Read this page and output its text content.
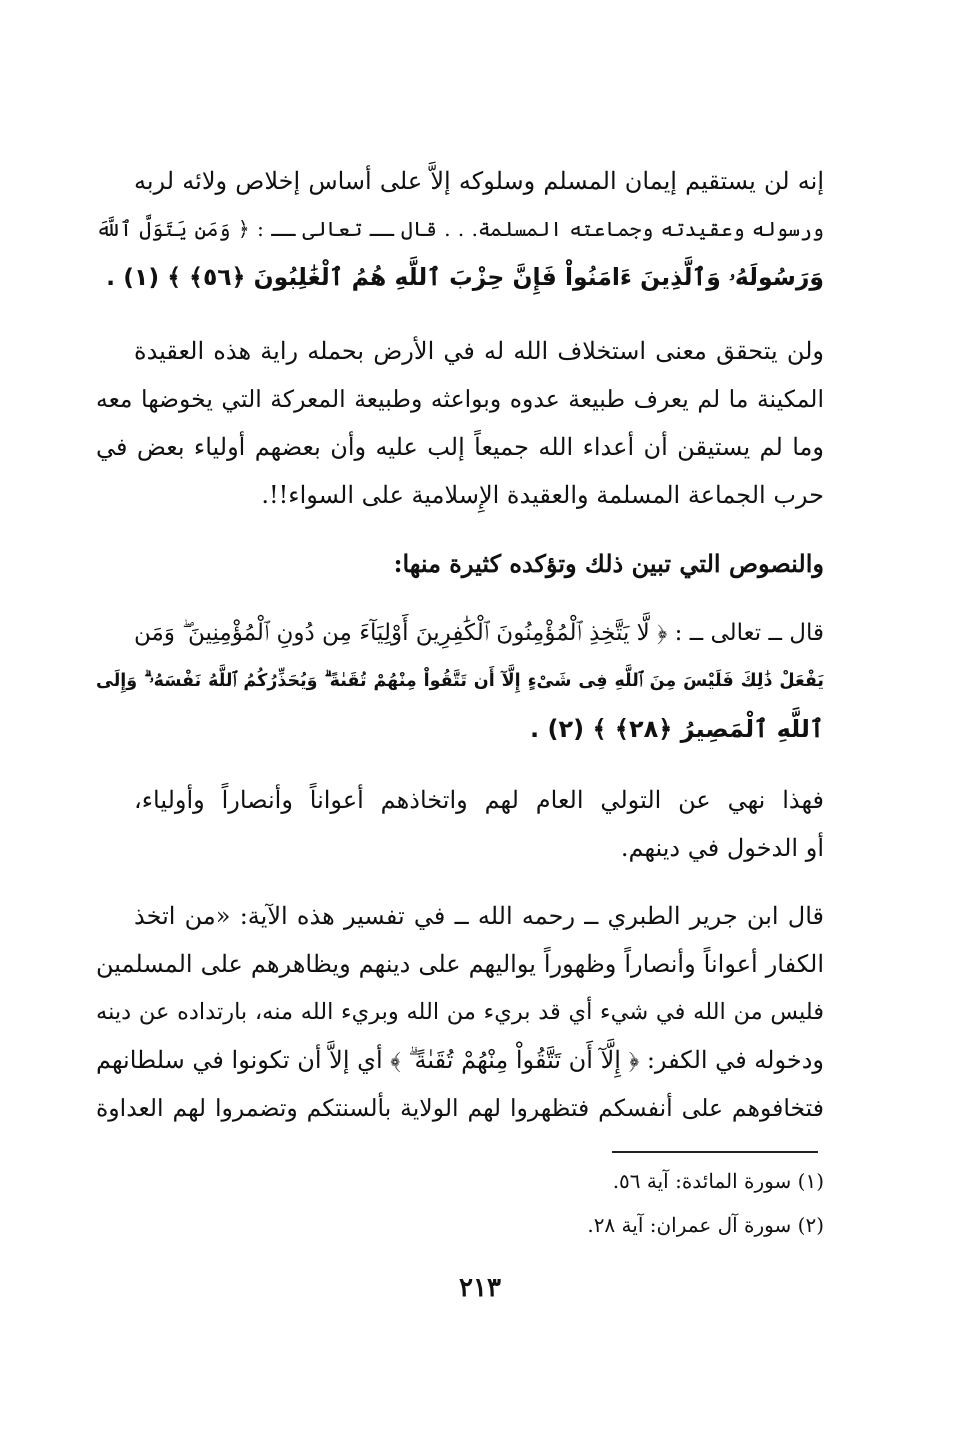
إنه لن يستقيم إيمان المسلم وسلوكه إلاَّ على أساس إخلاص ولائه لربه
ورسوله وعقيدته وجماعته المسلمة. . . قال ــ تعالى ــ : ﴿ وَمَن يَتَوَلَّ ٱللَّهَ
وَرَسُولَهُۥ وَٱلَّذِينَ ءَامَنُواْ فَإِنَّ حِزْبَ ٱللَّهِ هُمُ ٱلْغَٰلِبُونَ ﴿٥٦﴾ ﴾ (١) .
ولن يتحقق معنى استخلاف الله له في الأرض بحمله راية هذه العقيدة
المكينة ما لم يعرف طبيعة عدوه وبواعثه وطبيعة المعركة التي يخوضها معه
وما لم يستيقن أن أعداء الله جميعاً إلب عليه وأن بعضهم أولياء بعض في
حرب الجماعة المسلمة والعقيدة الإِسلامية على السواء!!.
والنصوص التي تبين ذلك وتؤكده كثيرة منها:
قال ــ تعالى ــ : ﴿ لَّا يَتَّخِذِ ٱلْمُؤْمِنُونَ ٱلْكَٰفِرِينَ أَوْلِيَآءَ مِن دُونِ ٱلْمُؤْمِنِينَ ۖ وَمَن
يَفْعَلْ ذَٰلِكَ فَلَيْسَ مِنَ ٱللَّهِ فِى شَىْءٍ إِلَّآ أَن تَتَّقُواْ مِنْهُمْ تُقَىٰةً ۗ وَيُحَذِّرُكُمُ ٱللَّهُ نَفْسَهُۥ ۗ وَإِلَى
ٱللَّهِ ٱلْمَصِيرُ ﴿٢٨﴾ ﴾ (٢) .
فهذا نهي عن التولي العام لهم واتخاذهم أعواناً وأنصاراً وأولياء،
أو الدخول في دينهم.
قال ابن جرير الطبري ــ رحمه الله ــ في تفسير هذه الآية: «من اتخذ
الكفار أعواناً وأنصاراً وظهوراً يواليهم على دينهم ويظاهرهم على المسلمين
فليس من الله في شيء أي قد بريء من الله وبريء الله منه، بارتداده عن دينه
ودخوله في الكفر: ﴿ إِلَّآ أَن تَتَّقُواْ مِنْهُمْ تُقَىٰةً ۗ ﴾ أي إلاَّ أن تكونوا في سلطانهم
فتخافوهم على أنفسكم فتظهروا لهم الولاية بألسنتكم وتضمروا لهم العداوة
(١) سورة المائدة: آية ٥٦.
(٢) سورة آل عمران: آية ٢٨.
٢١٣
